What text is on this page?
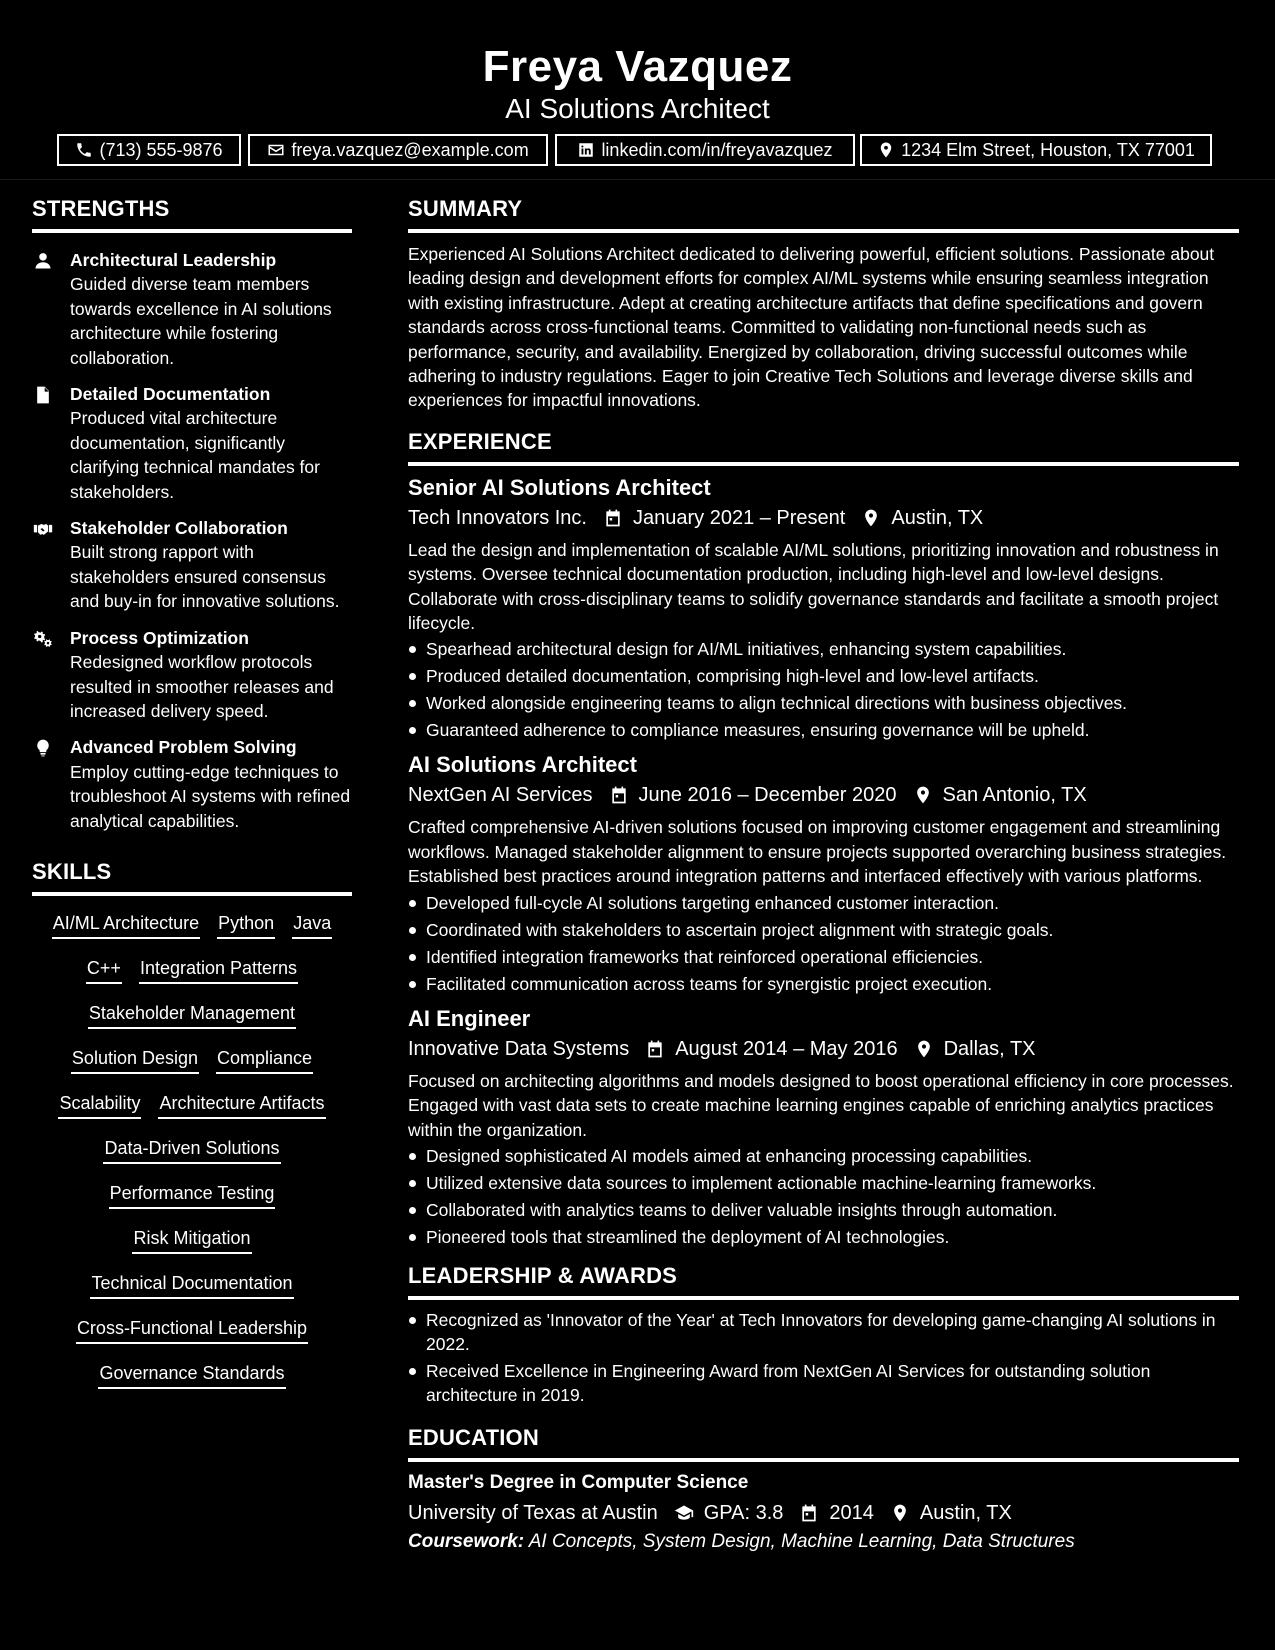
Freya Vazquez
AI Solutions Architect
(713) 555-9876	freya.vazquez@example.com	linkedin.com/in/freyavazquez	1234 Elm Street, Houston, TX 77001
STRENGTHS
Architectural Leadership
Guided diverse team members towards excellence in AI solutions architecture while fostering collaboration.
Detailed Documentation
Produced vital architecture documentation, significantly clarifying technical mandates for stakeholders.
Stakeholder Collaboration
Built strong rapport with stakeholders ensured consensus and buy-in for innovative solutions.
Process Optimization
Redesigned workflow protocols resulted in smoother releases and increased delivery speed.
Advanced Problem Solving
Employ cutting-edge techniques to troubleshoot AI systems with refined analytical capabilities.
SKILLS
AI/ML Architecture Python Java
C++ Integration Patterns
Stakeholder Management
Solution Design Compliance
Scalability Architecture Artifacts
Data-Driven Solutions
Performance Testing
Risk Mitigation
Technical Documentation
Cross-Functional Leadership
Governance Standards
SUMMARY
Experienced AI Solutions Architect dedicated to delivering powerful, efficient solutions. Passionate about leading design and development efforts for complex AI/ML systems while ensuring seamless integration with existing infrastructure. Adept at creating architecture artifacts that define specifications and govern standards across cross-functional teams. Committed to validating non-functional needs such as performance, security, and availability. Energized by collaboration, driving successful outcomes while adhering to industry regulations. Eager to join Creative Tech Solutions and leverage diverse skills and experiences for impactful innovations.
EXPERIENCE
Senior AI Solutions Architect
Tech Innovators Inc. January 2021 – Present Austin, TX
Lead the design and implementation of scalable AI/ML solutions, prioritizing innovation and robustness in systems. Oversee technical documentation production, including high-level and low-level designs. Collaborate with cross-disciplinary teams to solidify governance standards and facilitate a smooth project lifecycle.
Spearhead architectural design for AI/ML initiatives, enhancing system capabilities.
Produced detailed documentation, comprising high-level and low-level artifacts.
Worked alongside engineering teams to align technical directions with business objectives.
Guaranteed adherence to compliance measures, ensuring governance will be upheld.
AI Solutions Architect
NextGen AI Services June 2016 – December 2020 San Antonio, TX
Crafted comprehensive AI-driven solutions focused on improving customer engagement and streamlining workflows. Managed stakeholder alignment to ensure projects supported overarching business strategies. Established best practices around integration patterns and interfaced effectively with various platforms.
Developed full-cycle AI solutions targeting enhanced customer interaction.
Coordinated with stakeholders to ascertain project alignment with strategic goals.
Identified integration frameworks that reinforced operational efficiencies.
Facilitated communication across teams for synergistic project execution.
AI Engineer
Innovative Data Systems August 2014 – May 2016 Dallas, TX
Focused on architecting algorithms and models designed to boost operational efficiency in core processes. Engaged with vast data sets to create machine learning engines capable of enriching analytics practices within the organization.
Designed sophisticated AI models aimed at enhancing processing capabilities.
Utilized extensive data sources to implement actionable machine-learning frameworks.
Collaborated with analytics teams to deliver valuable insights through automation.
Pioneered tools that streamlined the deployment of AI technologies.
LEADERSHIP & AWARDS
Recognized as 'Innovator of the Year' at Tech Innovators for developing game-changing AI solutions in 2022.
Received Excellence in Engineering Award from NextGen AI Services for outstanding solution architecture in 2019.
EDUCATION
Master's Degree in Computer Science
University of Texas at Austin GPA: 3.8 2014 Austin, TX
Coursework: AI Concepts, System Design, Machine Learning, Data Structures
